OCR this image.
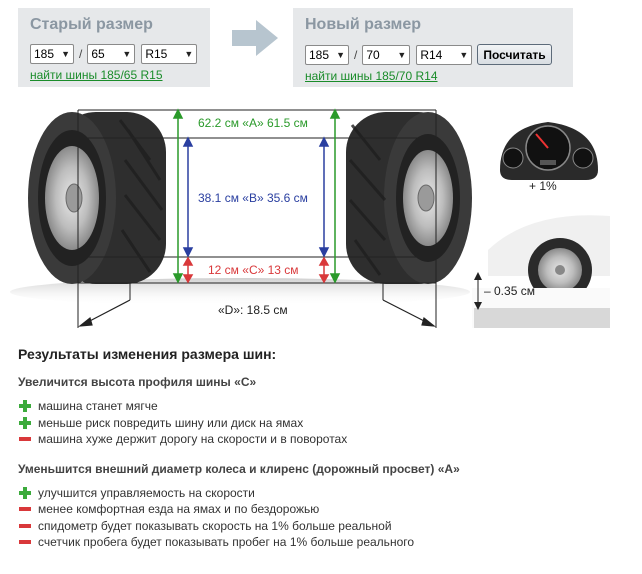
Старый размер
185 ▼ / 65 ▼ R15 ▼
найти шины 185/65 R15
Новый размер
185 ▼ / 70 ▼ R14 ▼	Посчитать
найти шины 185/70 R14
62.2 см «A» 61.5 см
38.1 см «B» 35.6 см
12 см «C» 13 см
«D»: 18.5 см
+ 1%
– 0.35 см
Результаты изменения размера шин:
Увеличится высота профиля шины «C»
машина станет мягче
меньше риск повредить шину или диск на ямах
машина хуже держит дорогу на скорости и в поворотах
Уменьшится внешний диаметр колеса и клиренс (дорожный просвет) «A»
улучшится управляемость на скорости
менее комфортная езда на ямах и по бездорожью
спидометр будет показывать скорость на 1% больше реальной
счетчик пробега будет показывать пробег на 1% больше реального
